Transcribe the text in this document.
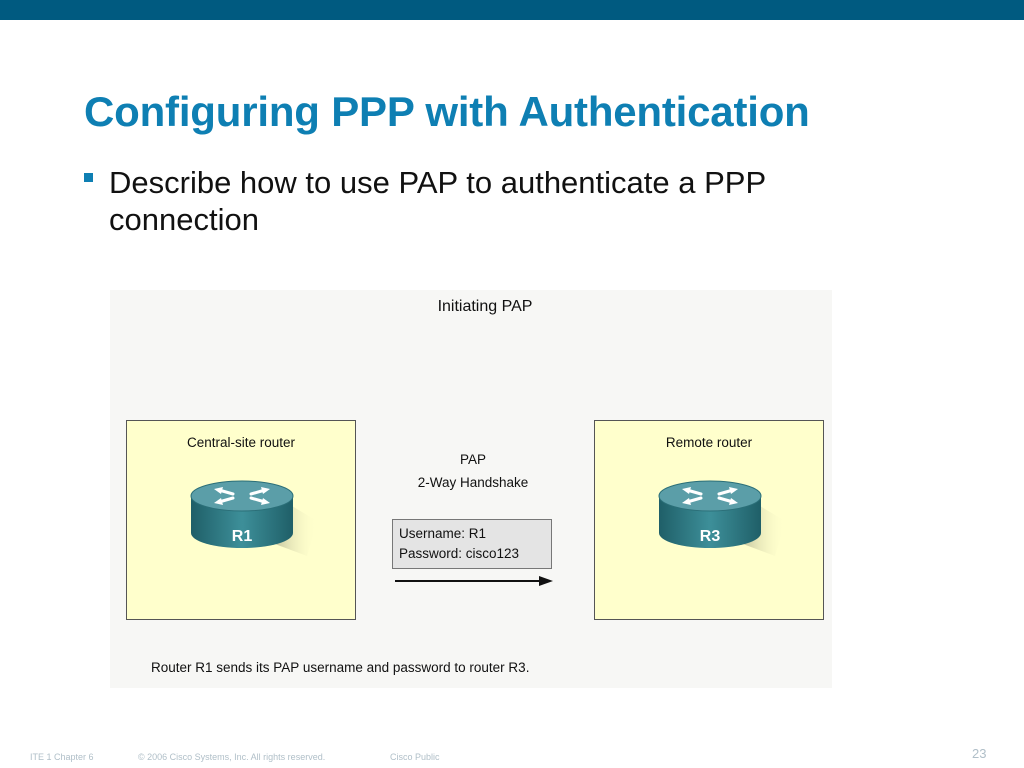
Configuring PPP with Authentication
Describe how to use PAP to authenticate a PPP connection
Initiating PAP
Central-site router
R1
Remote router
R3
PAP
2-Way Handshake
Username: R1
Password: cisco123
Router R1 sends its PAP username and password to router R3.
ITE 1 Chapter 6	© 2006 Cisco Systems, Inc. All rights reserved.	Cisco Public	23
